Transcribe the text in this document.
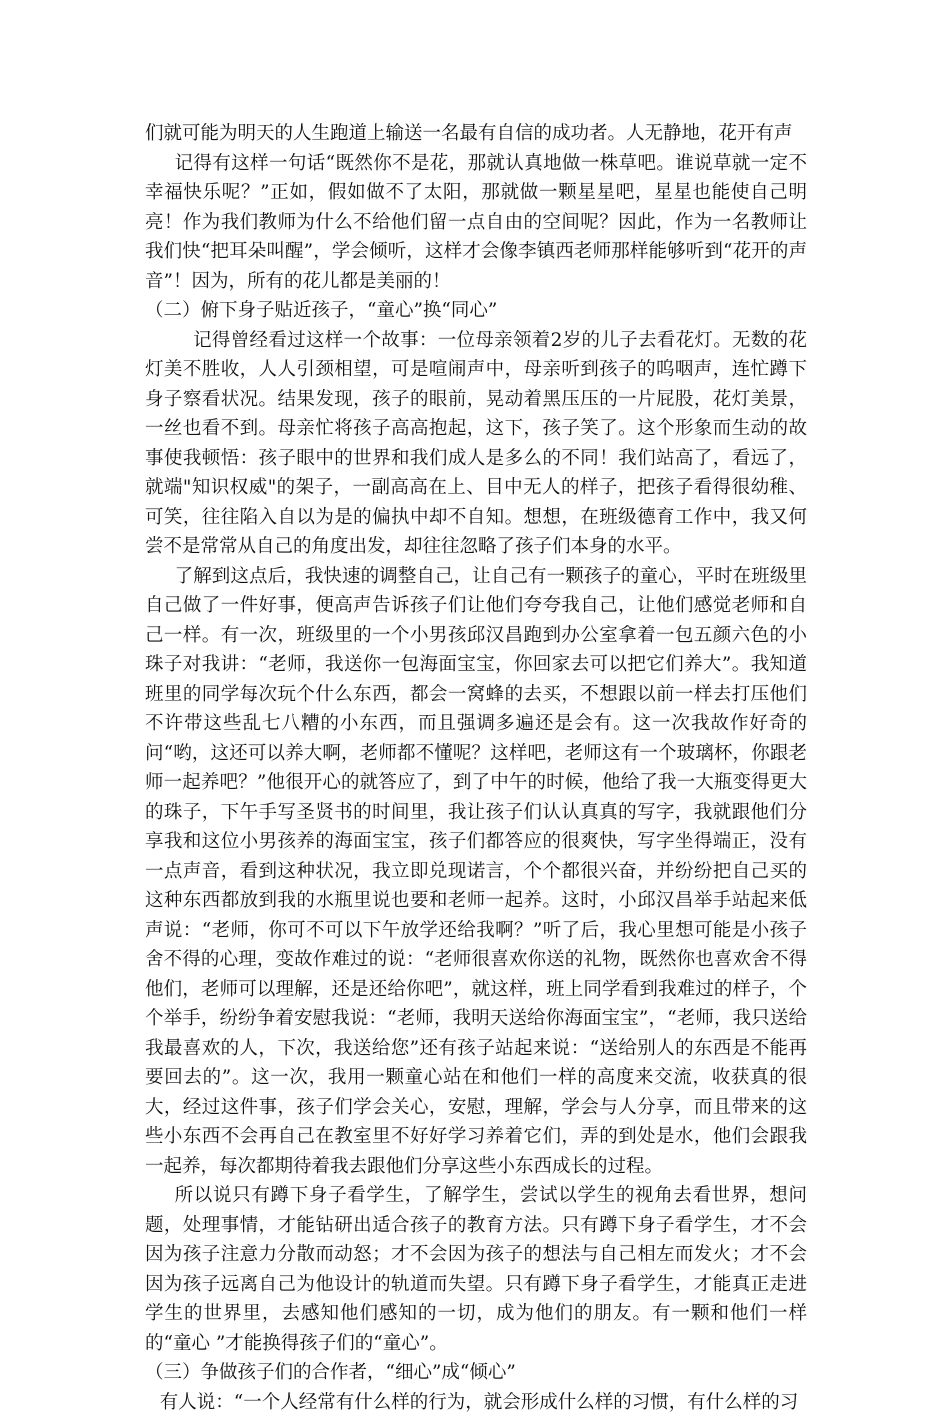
们就可能为明天的人生跑道上输送一名最有自信的成功者。人无静地，花开有声

记得有这样一句话“既然你不是花，那就认真地做一株草吧。谁说草就一定不幸福快乐呢？”正如，假如做不了太阳，那就做一颗星星吧，星星也能使自己明亮！作为我们教师为什么不给他们留一点自由的空间呢？因此，作为一名教师让我们快“把耳朵叫醒”，学会倾听，这样才会像李镇西老师那样能够听到“花开的声音”！因为，所有的花儿都是美丽的！

（二）俯下身子贴近孩子，“童心”换“同心”

记得曾经看过这样一个故事：一位母亲领着2岁的儿子去看花灯。无数的花灯美不胜收，人人引颈相望，可是喧闹声中，母亲听到孩子的呜咽声，连忙蹲下身子察看状况。结果发现，孩子的眼前，晃动着黑压压的一片屁股，花灯美景，一丝也看不到。母亲忙将孩子高高抱起，这下，孩子笑了。这个形象而生动的故事使我顿悟：孩子眼中的世界和我们成人是多么的不同！我们站高了，看远了，就端"知识权威"的架子，一副高高在上、目中无人的样子，把孩子看得很幼稚、可笑，往往陷入自以为是的偏执中却不自知。想想，在班级德育工作中，我又何尝不是常常从自己的角度出发，却往往忽略了孩子们本身的水平。

了解到这点后，我快速的调整自己，让自己有一颗孩子的童心，平时在班级里自己做了一件好事，便高声告诉孩子们让他们夸夸我自己，让他们感觉老师和自己一样。有一次，班级里的一个小男孩邱汉昌跑到办公室拿着一包五颜六色的小珠子对我讲：“老师，我送你一包海面宝宝，你回家去可以把它们养大”。我知道班里的同学每次玩个什么东西，都会一窝蜂的去买，不想跟以前一样去打压他们不许带这些乱七八糟的小东西，而且强调多遍还是会有。这一次我故作好奇的问“哟，这还可以养大啊，老师都不懂呢？这样吧，老师这有一个玻璃杯，你跟老师一起养吧？”他很开心的就答应了，到了中午的时候，他给了我一大瓶变得更大的珠子，下午手写圣贤书的时间里，我让孩子们认认真真的写字，我就跟他们分享我和这位小男孩养的海面宝宝，孩子们都答应的很爽快，写字坐得端正，没有一点声音，看到这种状况，我立即兑现诺言，个个都很兴奋，并纷纷把自己买的这种东西都放到我的水瓶里说也要和老师一起养。这时，小邱汉昌举手站起来低声说：“老师，你可不可以下午放学还给我啊？”听了后，我心里想可能是小孩子舍不得的心理，变故作难过的说：“老师很喜欢你送的礼物，既然你也喜欢舍不得他们，老师可以理解，还是还给你吧”，就这样，班上同学看到我难过的样子，个个举手，纷纷争着安慰我说：“老师，我明天送给你海面宝宝”，“老师，我只送给我最喜欢的人，下次，我送给您”还有孩子站起来说：“送给别人的东西是不能再要回去的”。这一次，我用一颗童心站在和他们一样的高度来交流，收获真的很大，经过这件事，孩子们学会关心，安慰，理解，学会与人分享，而且带来的这些小东西不会再自己在教室里不好好学习养着它们，弄的到处是水，他们会跟我一起养，每次都期待着我去跟他们分享这些小东西成长的过程。

所以说只有蹲下身子看学生，了解学生，尝试以学生的视角去看世界，想问题，处理事情，才能钻研出适合孩子的教育方法。只有蹲下身子看学生，才不会因为孩子注意力分散而动怒；才不会因为孩子的想法与自己相左而发火；才不会因为孩子远离自己为他设计的轨道而失望。只有蹲下身子看学生，才能真正走进学生的世界里，去感知他们感知的一切，成为他们的朋友。有一颗和他们一样的“童心 ”才能换得孩子们的“童心”。

（三）争做孩子们的合作者，“细心”成“倾心”

有人说：“一个人经常有什么样的行为，就会形成什么样的习惯，有什么样的习
